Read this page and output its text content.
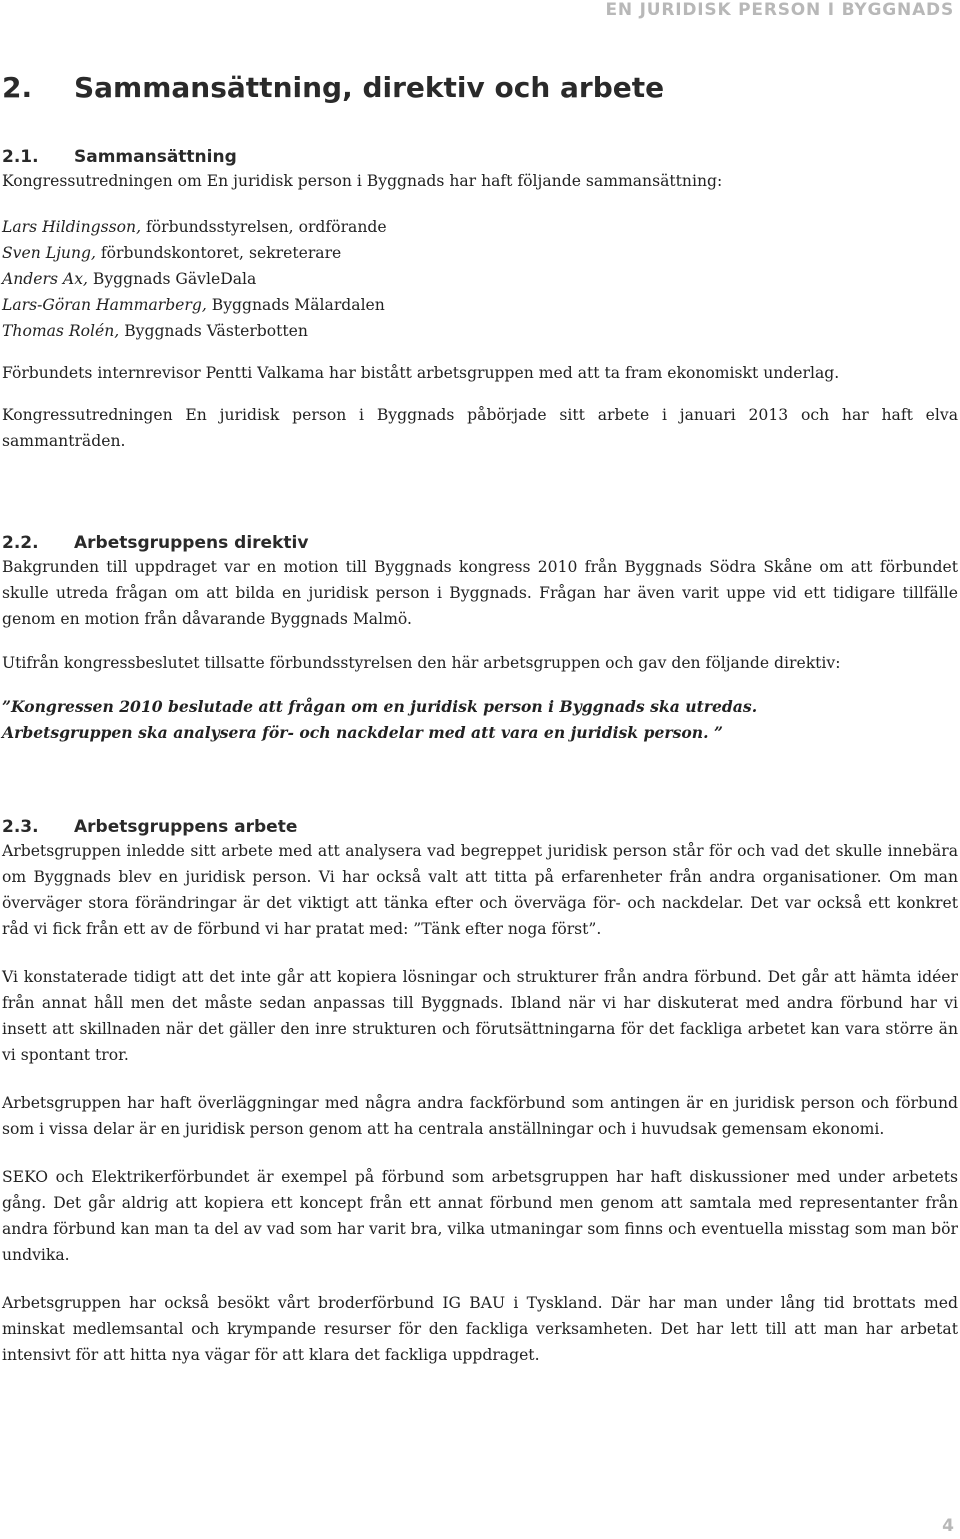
EN JURIDISK PERSON I BYGGNADS
2. Sammansättning, direktiv och arbete
2.1. Sammansättning

Kongressutredningen om En juridisk person i Byggnads har haft följande sammansättning:

Lars Hildingsson, förbundsstyrelsen, ordförande
Sven Ljung, förbundskontoret, sekreterare
Anders Ax, Byggnads GävleDala
Lars-Göran Hammarberg, Byggnads Mälardalen
Thomas Rolén, Byggnads Västerbotten

Förbundets internrevisor Pentti Valkama har bistått arbetsgruppen med att ta fram ekonomiskt underlag.

Kongressutredningen En juridisk person i Byggnads påbörjade sitt arbete i januari 2013 och har haft elva sammanträden.

2.2. Arbetsgruppens direktiv

Bakgrunden till uppdraget var en motion till Byggnads kongress 2010 från Byggnads Södra Skåne om att förbundet skulle utreda frågan om att bilda en juridisk person i Byggnads. Frågan har även varit uppe vid ett tidigare tillfälle genom en motion från dåvarande Byggnads Malmö.

Utifrån kongressbeslutet tillsatte förbundsstyrelsen den här arbetsgruppen och gav den följande direktiv:

”Kongressen 2010 beslutade att frågan om en juridisk person i Byggnads ska utredas.
Arbetsgruppen ska analysera för- och nackdelar med att vara en juridisk person. ”
2.3. Arbetsgruppens arbete

Arbetsgruppen inledde sitt arbete med att analysera vad begreppet juridisk person står för och vad det skulle innebära om Byggnads blev en juridisk person. Vi har också valt att titta på erfarenheter från andra organisationer. Om man överväger stora förändringar är det viktigt att tänka efter och överväga för- och nackdelar. Det var också ett konkret råd vi fick från ett av de förbund vi har pratat med: ”Tänk efter noga först”.

Vi konstaterade tidigt att det inte går att kopiera lösningar och strukturer från andra förbund. Det går att hämta idéer från annat håll men det måste sedan anpassas till Byggnads. Ibland när vi har diskuterat med andra förbund har vi insett att skillnaden när det gäller den inre strukturen och förutsättningarna för det fackliga arbetet kan vara större än vi spontant tror.

Arbetsgruppen har haft överläggningar med några andra fackförbund som antingen är en juridisk person och förbund som i vissa delar är en juridisk person genom att ha centrala anställningar och i huvudsak gemensam ekonomi.

SEKO och Elektrikerförbundet är exempel på förbund som arbetsgruppen har haft diskussioner med under arbetets gång. Det går aldrig att kopiera ett koncept från ett annat förbund men genom att samtala med representanter från andra förbund kan man ta del av vad som har varit bra, vilka utmaningar som finns och eventuella misstag som man bör undvika.

Arbetsgruppen har också besökt vårt broderförbund IG BAU i Tyskland. Där har man under lång tid brottats med minskat medlemsantal och krympande resurser för den fackliga verksamheten. Det har lett till att man har arbetat intensivt för att hitta nya vägar för att klara det fackliga uppdraget.

4
